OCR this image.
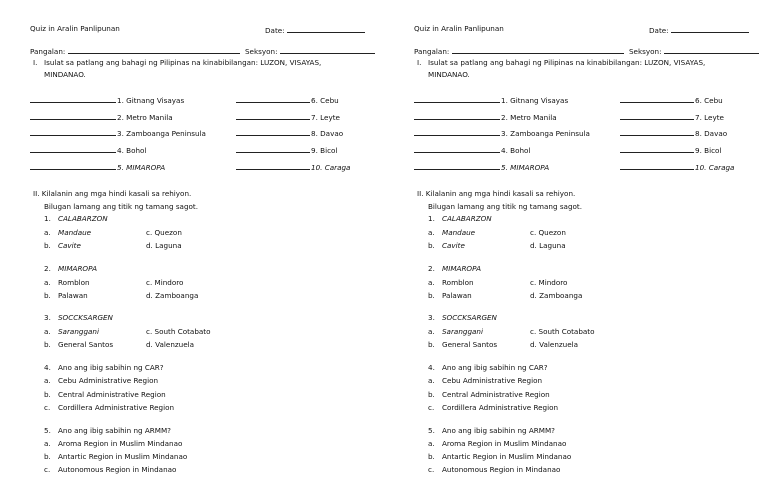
Quiz in Aralin Panlipunan	Date:
Pangalan:	Seksyon:
I. Isulat sa patlang ang bahagi ng Pilipinas na kinabibilangan: LUZON, VISAYAS,
MINDANAO.
1. Gitnang Visayas
2. Metro Manila
3. Zamboanga Peninsula
4. Bohol
5. MIMAROPA
6. Cebu
7. Leyte
8. Davao
9. Bicol
10. Caraga
II. Kilalanin ang mga hindi kasali sa rehiyon.
Bilugan lamang ang titik ng tamang sagot.
1. CALABARZON
a. Mandaue	c. Quezon
b. Cavite	d. Laguna
2. MIMAROPA
a. Romblon	c. Mindoro
b. Palawan	d. Zamboanga
3. SOCCKSARGEN
a. Saranggani	c. South Cotabato
b. General Santos	d. Valenzuela
4. Ano ang ibig sabihin ng CAR?
a. Cebu Administrative Region
b. Central Administrative Region
c. Cordillera Administrative Region
5. Ano ang ibig sabihin ng ARMM?
a. Aroma Region in Muslim Mindanao
b. Antartic Region in Muslim Mindanao
c. Autonomous Region in Mindanao
Quiz in Aralin Panlipunan	Date:
Pangalan:	Seksyon:
I. Isulat sa patlang ang bahagi ng Pilipinas na kinabibilangan: LUZON, VISAYAS,
MINDANAO.
1. Gitnang Visayas
2. Metro Manila
3. Zamboanga Peninsula
4. Bohol
5. MIMAROPA
6. Cebu
7. Leyte
8. Davao
9. Bicol
10. Caraga
II. Kilalanin ang mga hindi kasali sa rehiyon.
Bilugan lamang ang titik ng tamang sagot.
1. CALABARZON
a. Mandaue	c. Quezon
b. Cavite	d. Laguna
2. MIMAROPA
a. Romblon	c. Mindoro
b. Palawan	d. Zamboanga
3. SOCCKSARGEN
a. Saranggani	c. South Cotabato
b. General Santos	d. Valenzuela
4. Ano ang ibig sabihin ng CAR?
a. Cebu Administrative Region
b. Central Administrative Region
c. Cordillera Administrative Region
5. Ano ang ibig sabihin ng ARMM?
a. Aroma Region in Muslim Mindanao
b. Antartic Region in Muslim Mindanao
c. Autonomous Region in Mindanao
